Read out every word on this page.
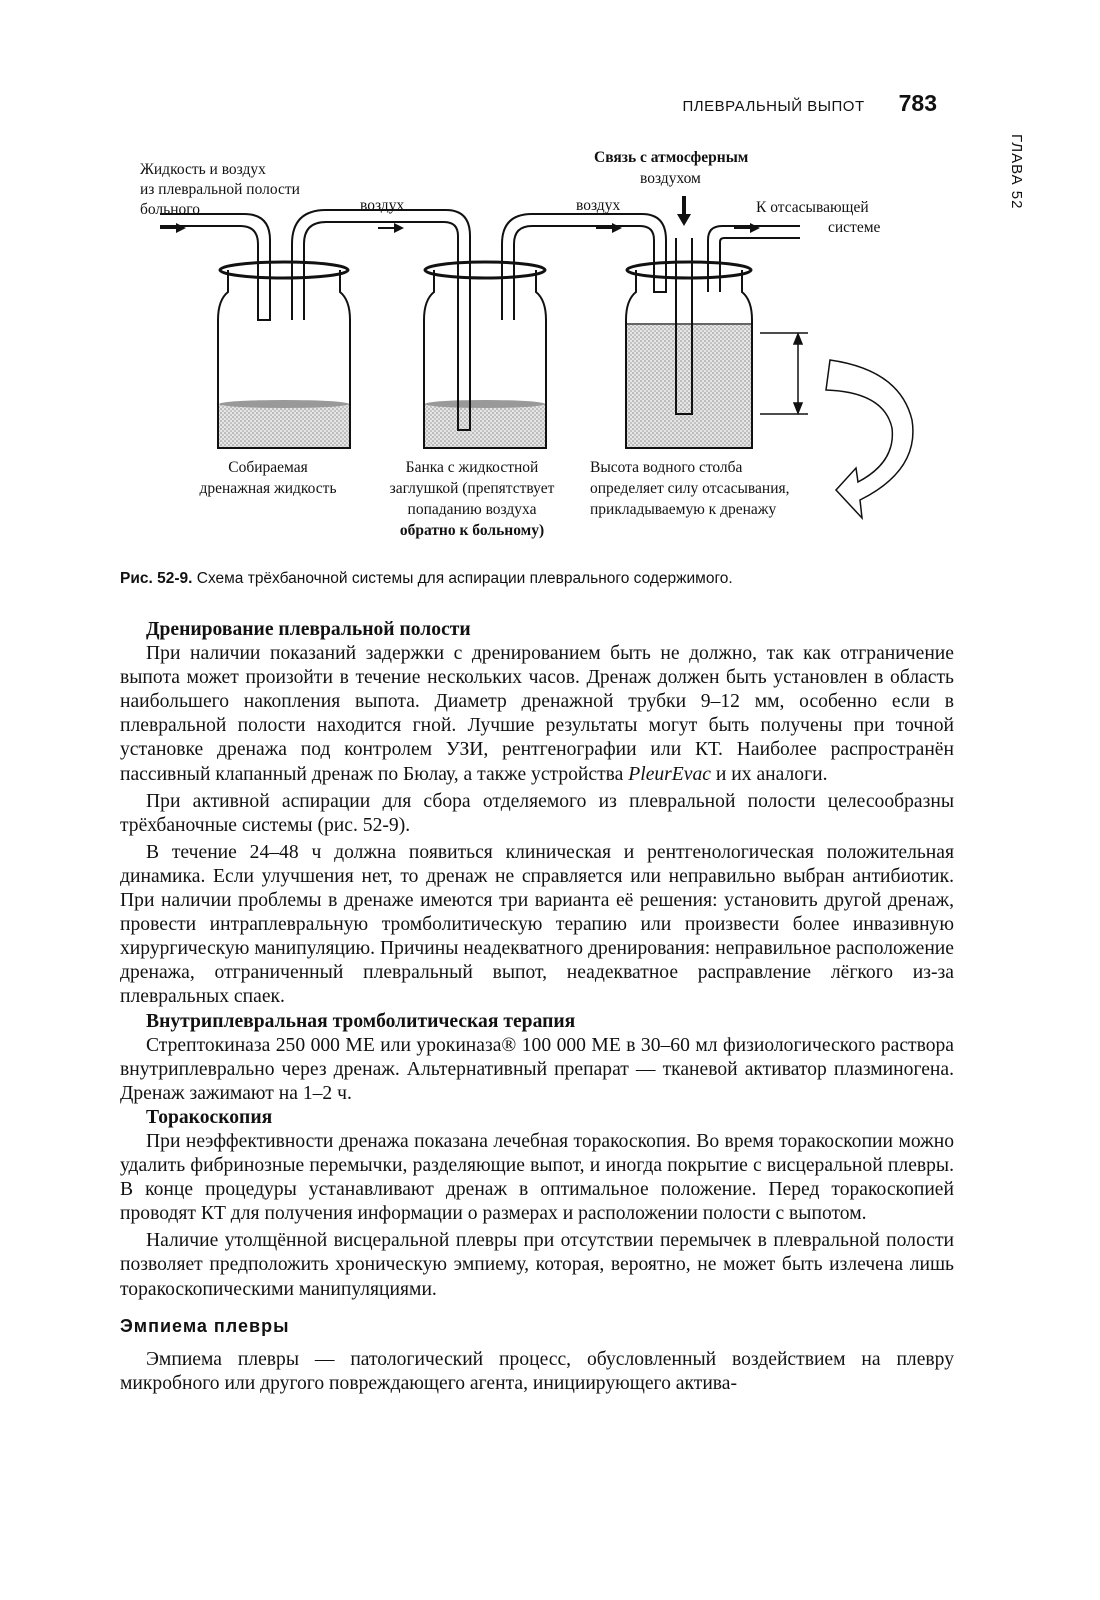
ПЛЕВРАЛЬНЫЙ ВЫПОТ 783
ГЛАВА 52
Жидкость и воздух
из плевральной полости
больного	воздух	воздух
Связь с атмосферным
воздухом
К отсасывающей
системе
Собираемая
дренажная жидкость
Банка с жидкостной
заглушкой (препятствует
попаданию воздуха
обратно к больному)
Высота водного столба
определяет силу отсасывания,
прикладываемую к дренажу
Рис. 52-9. Схема трёхбаночной системы для аспирации плеврального содержимого.
Дренирование плевральной полости

При наличии показаний задержки с дренированием быть не должно, так как отграничение выпота может произойти в течение нескольких часов. Дренаж должен быть установлен в область наибольшего накопления выпота. Диаметр дренажной трубки 9–12 мм, особенно если в плевральной полости находится гной. Лучшие результаты могут быть получены при точной установке дренажа под контролем УЗИ, рентгенографии или КТ. Наиболее распространён пассивный клапанный дренаж по Бюлау, а также устройства PleurEvac и их аналоги.

При активной аспирации для сбора отделяемого из плевральной полости целесообразны трёхбаночные системы (рис. 52-9).

В течение 24–48 ч должна появиться клиническая и рентгенологическая положительная динамика. Если улучшения нет, то дренаж не справляется или неправильно выбран антибиотик. При наличии проблемы в дренаже имеются три варианта её решения: установить другой дренаж, провести интраплевральную тромболитическую терапию или произвести более инвазивную хирургическую манипуляцию. Причины неадекватного дренирования: неправильное расположение дренажа, отграниченный плевральный выпот, неадекватное расправление лёгкого из-за плевральных спаек.

Внутриплевральная тромболитическая терапия

Стрептокиназа 250 000 МЕ или урокиназа® 100 000 МЕ в 30–60 мл физиологического раствора внутриплеврально через дренаж. Альтернативный препарат — тканевой активатор плазминогена. Дренаж зажимают на 1–2 ч.

Торакоскопия

При неэффективности дренажа показана лечебная торакоскопия. Во время торакоскопии можно удалить фибринозные перемычки, разделяющие выпот, и иногда покрытие с висцеральной плевры. В конце процедуры устанавливают дренаж в оптимальное положение. Перед торакоскопией проводят КТ для получения информации о размерах и расположении полости с выпотом.

Наличие утолщённой висцеральной плевры при отсутствии перемычек в плевральной полости позволяет предположить хроническую эмпиему, которая, вероятно, не может быть излечена лишь торакоскопическими манипуляциями.

Эмпиема плевры

Эмпиема плевры — патологический процесс, обусловленный воздействием на плевру микробного или другого повреждающего агента, инициирующего актива-
